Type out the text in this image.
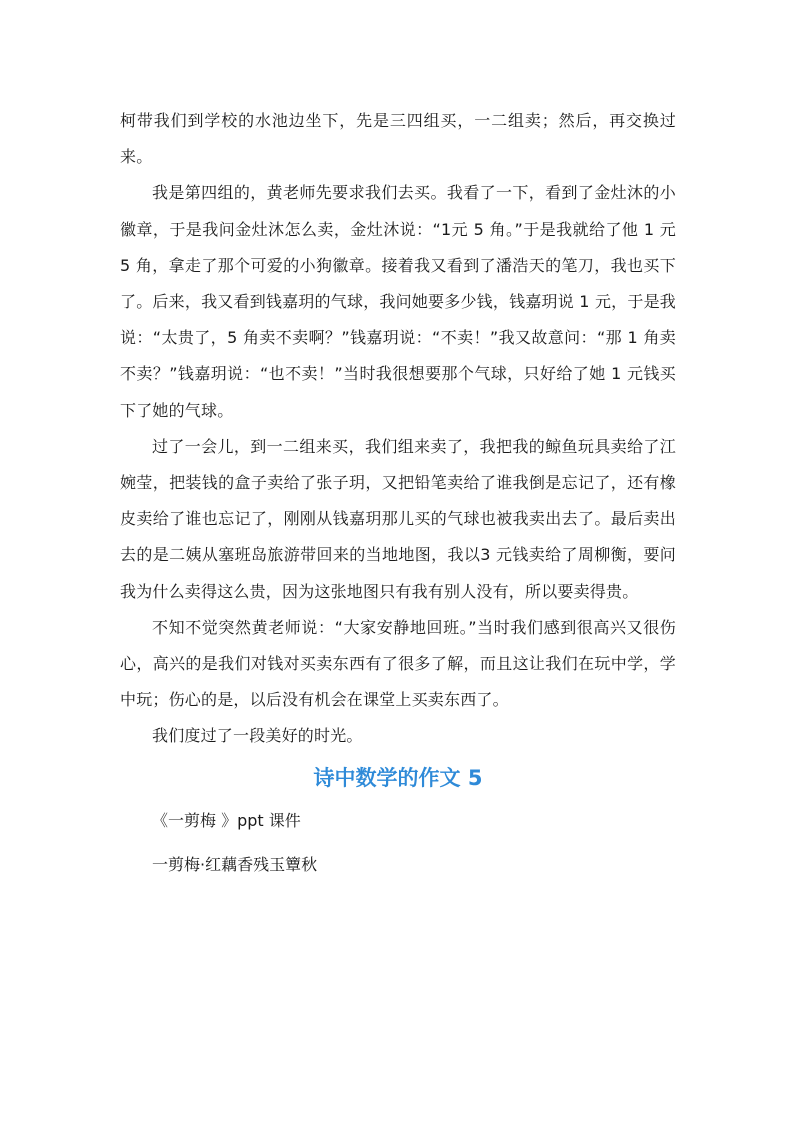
柯带我们到学校的水池边坐下，先是三四组买，一二组卖；然后，再交换过来。

我是第四组的，黄老师先要求我们去买。我看了一下，看到了金灶沐的小徽章，于是我问金灶沐怎么卖，金灶沐说：“1元 5 角。”于是我就给了他 1 元 5 角，拿走了那个可爱的小狗徽章。接着我又看到了潘浩天的笔刀，我也买下了。后来，我又看到钱嘉玥的气球，我问她要多少钱，钱嘉玥说 1 元，于是我说：“太贵了，5 角卖不卖啊？”钱嘉玥说：“不卖！”我又故意问：“那 1 角卖不卖？”钱嘉玥说：“也不卖！”当时我很想要那个气球，只好给了她 1 元钱买下了她的气球。

过了一会儿，到一二组来买，我们组来卖了，我把我的鲸鱼玩具卖给了江婉莹，把装钱的盒子卖给了张子玥，又把铅笔卖给了谁我倒是忘记了，还有橡皮卖给了谁也忘记了，刚刚从钱嘉玥那儿买的气球也被我卖出去了。最后卖出去的是二姨从塞班岛旅游带回来的当地地图，我以3 元钱卖给了周柳衡，要问我为什么卖得这么贵，因为这张地图只有我有别人没有，所以要卖得贵。

不知不觉突然黄老师说：“大家安静地回班。”当时我们感到很高兴又很伤心，高兴的是我们对钱对买卖东西有了很多了解，而且这让我们在玩中学，学中玩；伤心的是，以后没有机会在课堂上买卖东西了。

我们度过了一段美好的时光。

诗中数学的作文 5

《一剪梅 》ppt 课件

一剪梅·红藕香残玉簟秋
